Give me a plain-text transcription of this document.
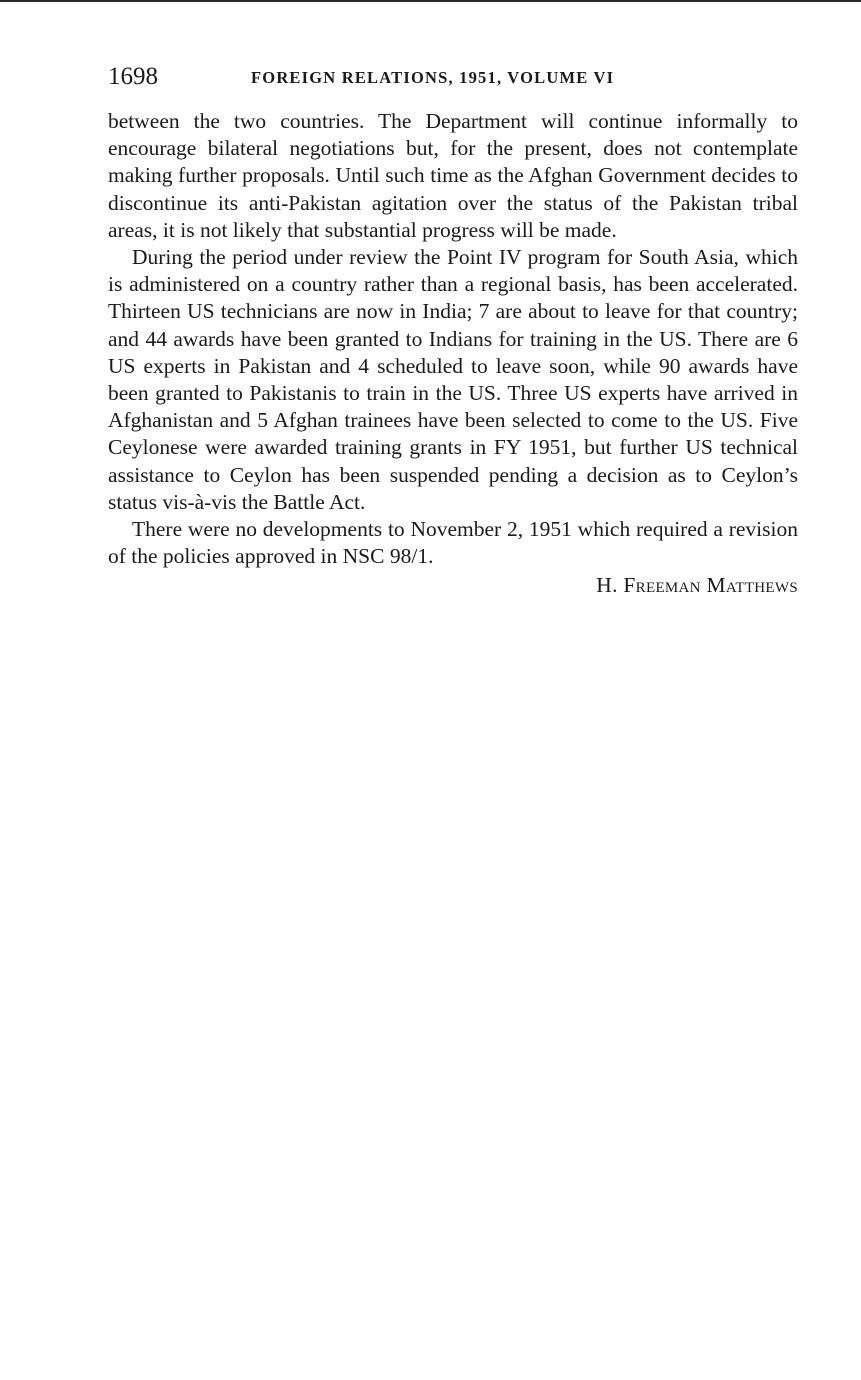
1698	FOREIGN RELATIONS, 1951, VOLUME VI

between the two countries. The Department will continue informally to encourage bilateral negotiations but, for the present, does not contemplate making further proposals. Until such time as the Afghan Government decides to discontinue its anti-Pakistan agitation over the status of the Pakistan tribal areas, it is not likely that substantial progress will be made.

During the period under review the Point IV program for South Asia, which is administered on a country rather than a regional basis, has been accelerated. Thirteen US technicians are now in India; 7 are about to leave for that country; and 44 awards have been granted to Indians for training in the US. There are 6 US experts in Pakistan and 4 scheduled to leave soon, while 90 awards have been granted to Pakistanis to train in the US. Three US experts have arrived in Afghanistan and 5 Afghan trainees have been selected to come to the US. Five Ceylonese were awarded training grants in FY 1951, but further US technical assistance to Ceylon has been suspended pending a decision as to Ceylon’s status vis-à-vis the Battle Act.

There were no developments to November 2, 1951 which required a revision of the policies approved in NSC 98/1.

H. Freeman Matthews
